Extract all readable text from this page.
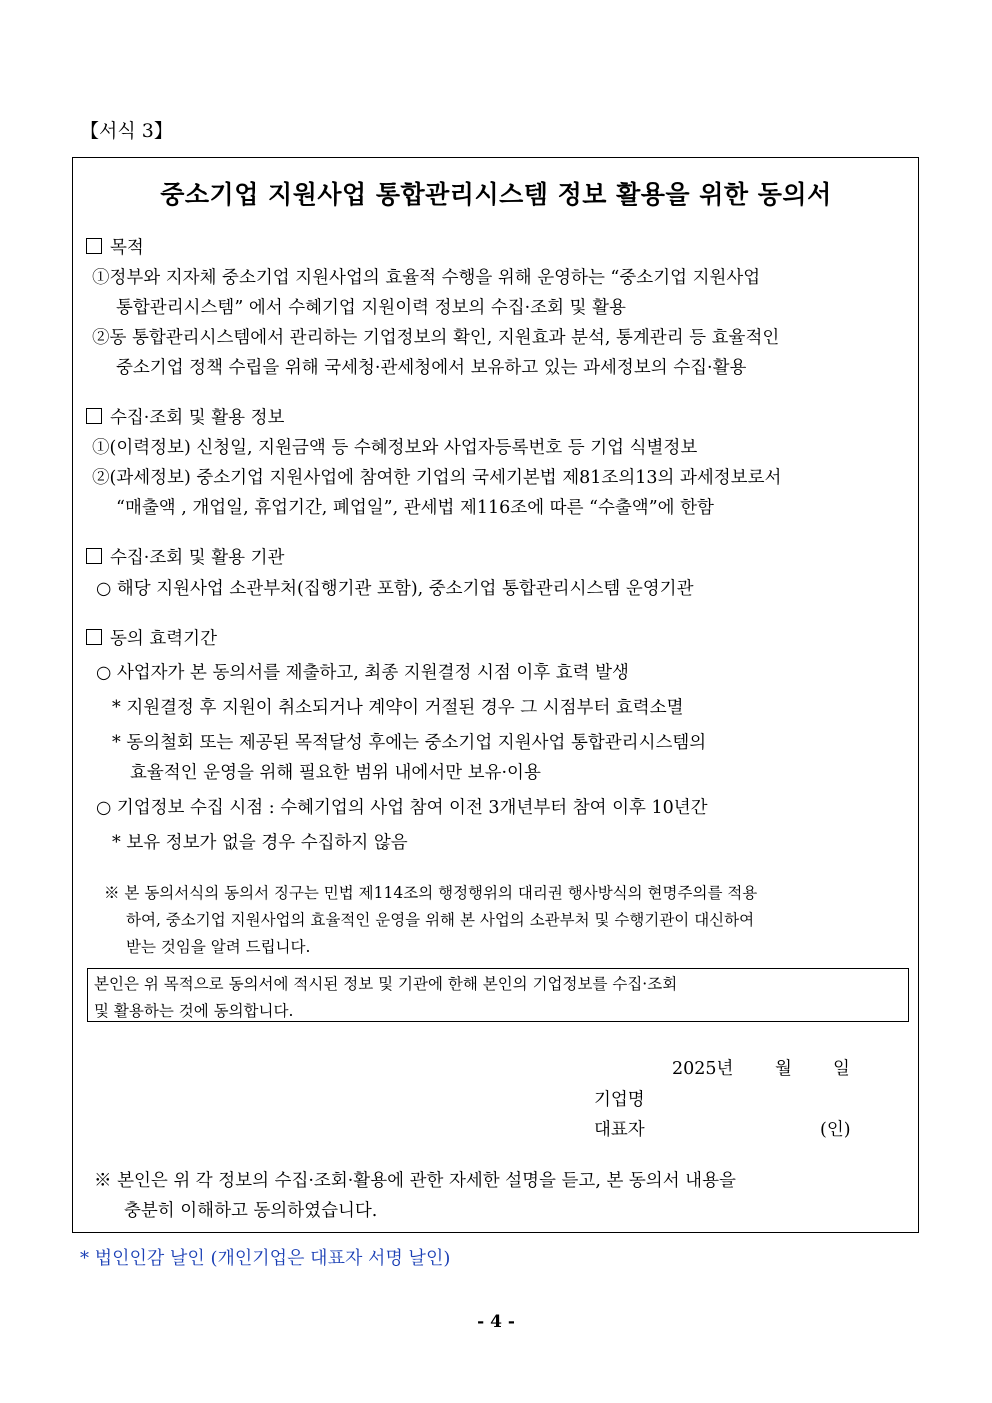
【서식 3】
중소기업 지원사업 통합관리시스템 정보 활용을 위한 동의서
목적
①정부와 지자체 중소기업 지원사업의 효율적 수행을 위해 운영하는 “중소기업 지원사업
통합관리시스템” 에서 수혜기업 지원이력 정보의 수집·조회 및 활용
②동 통합관리시스템에서 관리하는 기업정보의 확인, 지원효과 분석, 통계관리 등 효율적인
중소기업 정책 수립을 위해 국세청·관세청에서 보유하고 있는 과세정보의 수집·활용
수집·조회 및 활용 정보
①(이력정보) 신청일, 지원금액 등 수혜정보와 사업자등록번호 등 기업 식별정보
②(과세정보) 중소기업 지원사업에 참여한 기업의 국세기본법 제81조의13의 과세정보로서
“매출액 , 개업일, 휴업기간, 폐업일”, 관세법 제116조에 따른 “수출액”에 한함
수집·조회 및 활용 기관
○ 해당 지원사업 소관부처(집행기관 포함), 중소기업 통합관리시스템 운영기관
동의 효력기간
○ 사업자가 본 동의서를 제출하고, 최종 지원결정 시점 이후 효력 발생
* 지원결정 후 지원이 취소되거나 계약이 거절된 경우 그 시점부터 효력소멸
* 동의철회 또는 제공된 목적달성 후에는 중소기업 지원사업 통합관리시스템의
효율적인 운영을 위해 필요한 범위 내에서만 보유·이용
○ 기업정보 수집 시점 : 수혜기업의 사업 참여 이전 3개년부터 참여 이후 10년간
* 보유 정보가 없을 경우 수집하지 않음
※ 본 동의서식의 동의서 징구는 민법 제114조의 행정행위의 대리권 행사방식의 현명주의를 적용
하여, 중소기업 지원사업의 효율적인 운영을 위해 본 사업의 소관부처 및 수행기관이 대신하여
받는 것임을 알려 드립니다.
본인은 위 목적으로 동의서에 적시된 정보 및 기관에 한해 본인의 기업정보를 수집·조회
및 활용하는 것에 동의합니다.
2025년 월 일
기업명
대표자	(인)
※ 본인은 위 각 정보의 수집·조회·활용에 관한 자세한 설명을 듣고, 본 동의서 내용을
충분히 이해하고 동의하였습니다.
* 법인인감 날인 (개인기업은 대표자 서명 날인)
- 4 -
